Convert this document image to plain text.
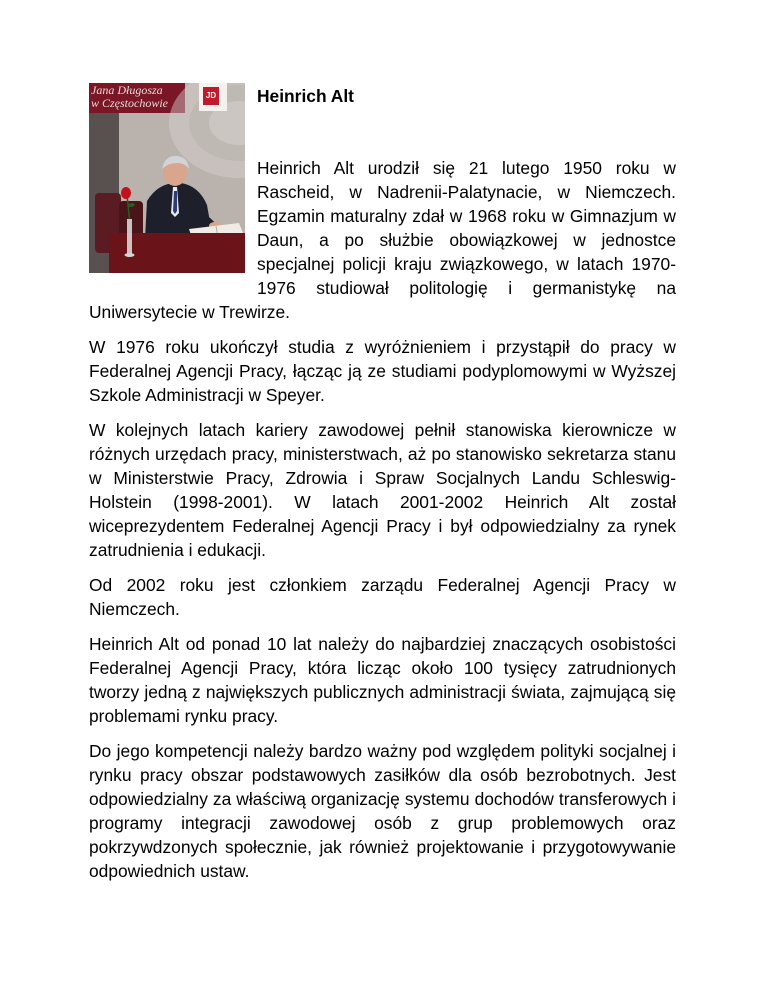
Jana Długosza
w Częstochowie
JD	Heinrich Alt

Heinrich Alt urodził się 21 lutego 1950 roku w Rascheid, w Nadrenii-Palatynacie, w Niemczech. Egzamin maturalny zdał w 1968 roku w Gimnazjum w Daun, a po służbie obowiązkowej w jednostce specjalnej policji kraju związkowego, w latach 1970-1976 studiował politologię i germanistykę na Uniwersytecie w Trewirze.

W 1976 roku ukończył studia z wyróżnieniem i przystąpił do pracy w Federalnej Agencji Pracy, łącząc ją ze studiami podyplomowymi w Wyższej Szkole Administracji w Speyer.

W kolejnych latach kariery zawodowej pełnił stanowiska kierownicze w różnych urzędach pracy, ministerstwach, aż po stanowisko sekretarza stanu w Ministerstwie Pracy, Zdrowia i Spraw Socjalnych Landu Schleswig-Holstein (1998-2001). W latach 2001-2002 Heinrich Alt został wiceprezydentem Federalnej Agencji Pracy i był odpowiedzialny za rynek zatrudnienia i edukacji.

Od 2002 roku jest członkiem zarządu Federalnej Agencji Pracy w Niemczech.

Heinrich Alt od ponad 10 lat należy do najbardziej znaczących osobistości Federalnej Agencji Pracy, która licząc około 100 tysięcy zatrudnionych tworzy jedną z największych publicznych administracji świata, zajmującą się problemami rynku pracy.

Do jego kompetencji należy bardzo ważny pod względem polityki socjalnej i rynku pracy obszar podstawowych zasiłków dla osób bezrobotnych. Jest odpowiedzialny za właściwą organizację systemu dochodów transferowych i programy integracji zawodowej osób z grup problemowych oraz pokrzywdzonych społecznie, jak również projektowanie i przygotowywanie odpowiednich ustaw.
